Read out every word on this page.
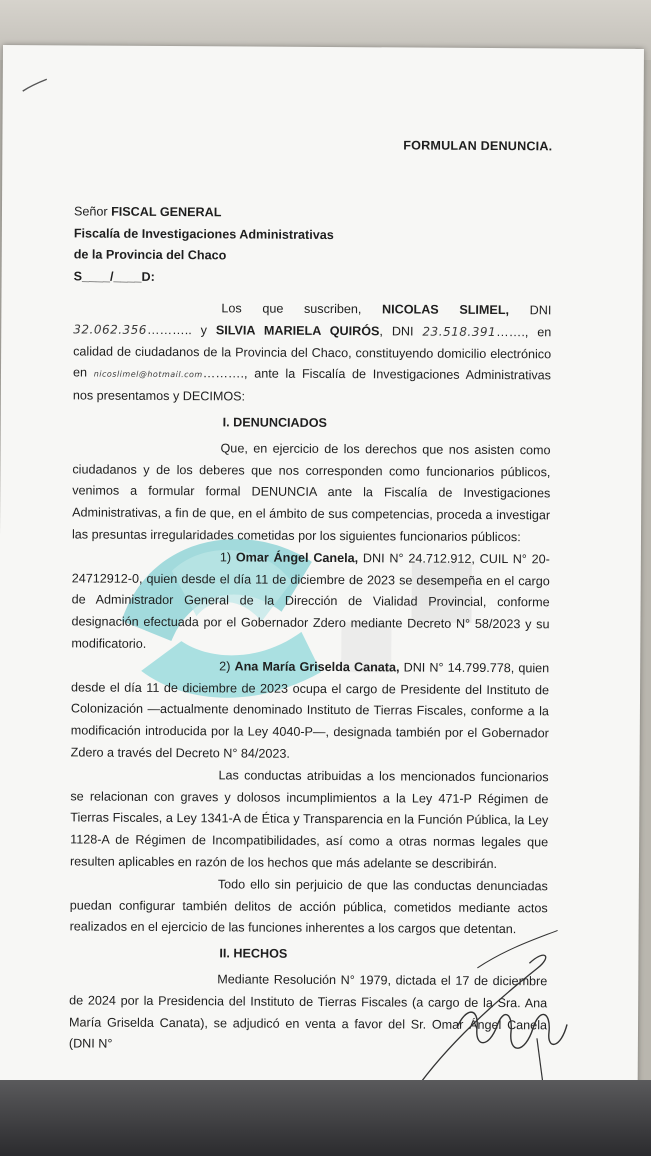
FORMULAN DENUNCIA.
Señor FISCAL GENERAL
Fiscalía de Investigaciones Administrativas
de la Provincia del Chaco
S____/____D:

Los que suscriben, NICOLAS SLIMEL, DNI 32.062.356……….. y SILVIA MARIELA QUIRÓS, DNI 23.518.391……., en calidad de ciudadanos de la Provincia del Chaco, constituyendo domicilio electrónico en nicoslimel@hotmail.com………., ante la Fiscalía de Investigaciones Administrativas nos presentamos y DECIMOS:

I. DENUNCIADOS

Que, en ejercicio de los derechos que nos asisten como ciudadanos y de los deberes que nos corresponden como funcionarios públicos, venimos a formular formal DENUNCIA ante la Fiscalía de Investigaciones Administrativas, a fin de que, en el ámbito de sus competencias, proceda a investigar las presuntas irregularidades cometidas por los siguientes funcionarios públicos:

1) Omar Ángel Canela, DNI N° 24.712.912, CUIL N° 20-24712912-0, quien desde el día 11 de diciembre de 2023 se desempeña en el cargo de Administrador General de la Dirección de Vialidad Provincial, conforme designación efectuada por el Gobernador Zdero mediante Decreto N° 58/2023 y su modificatorio.

2) Ana María Griselda Canata, DNI N° 14.799.778, quien desde el día 11 de diciembre de 2023 ocupa el cargo de Presidente del Instituto de Colonización —actualmente denominado Instituto de Tierras Fiscales, conforme a la modificación introducida por la Ley 4040-P—, designada también por el Gobernador Zdero a través del Decreto N° 84/2023.

Las conductas atribuidas a los mencionados funcionarios se relacionan con graves y dolosos incumplimientos a la Ley 471-P Régimen de Tierras Fiscales, a Ley 1341-A de Ética y Transparencia en la Función Pública, la Ley 1128-A de Régimen de Incompatibilidades, así como a otras normas legales que resulten aplicables en razón de los hechos que más adelante se describirán.

Todo ello sin perjuicio de que las conductas denunciadas puedan configurar también delitos de acción pública, cometidos mediante actos realizados en el ejercicio de las funciones inherentes a los cargos que detentan.

II. HECHOS

Mediante Resolución N° 1979, dictada el 17 de diciembre de 2024 por la Presidencia del Instituto de Tierras Fiscales (a cargo de la Sra. Ana María Griselda Canata), se adjudicó en venta a favor del Sr. Omar Ángel Canela (DNI N°
